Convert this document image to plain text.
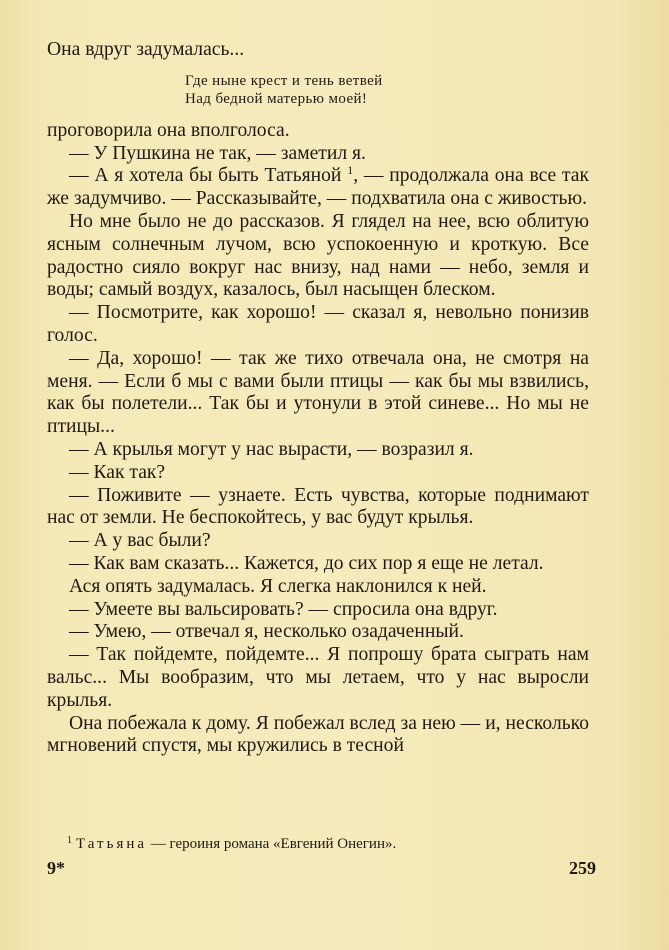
Она вдруг задумалась...

Где ныне крест и тень ветвей
Над бедной матерью моей!

проговорила она вполголоса.

— У Пушкина не так, — заметил я.

— А я хотела бы быть Татьяной $^1$, — продолжала она все так же задумчиво. — Рассказывайте, — подхватила она с живостью.

Но мне было не до рассказов. Я глядел на нее, всю облитую ясным солнечным лучом, всю успокоенную и кроткую. Все радостно сияло вокруг нас внизу, над нами — небо, земля и воды; самый воздух, казалось, был насыщен блеском.

— Посмотрите, как хорошо! — сказал я, невольно понизив голос.

— Да, хорошо! — так же тихо отвечала она, не смотря на меня. — Если б мы с вами были птицы — как бы мы взвились, как бы полетели... Так бы и утонули в этой синеве... Но мы не птицы...

— А крылья могут у нас вырасти, — возразил я.

— Как так?

— Поживите — узнаете. Есть чувства, которые поднимают нас от земли. Не беспокойтесь, у вас будут крылья.

— А у вас были?

— Как вам сказать... Кажется, до сих пор я еще не летал.

Ася опять задумалась. Я слегка наклонился к ней.

— Умеете вы вальсировать? — спросила она вдруг.

— Умею, — отвечал я, несколько озадаченный.

— Так пойдемте, пойдемте... Я попрошу брата сыграть нам вальс... Мы вообразим, что мы летаем, что у нас выросли крылья.

Она побежала к дому. Я побежал вслед за нею — и, несколько мгновений спустя, мы кружились в тесной

$^1$ Татьяна — героиня романа «Евгений Онегин».
9*	259
